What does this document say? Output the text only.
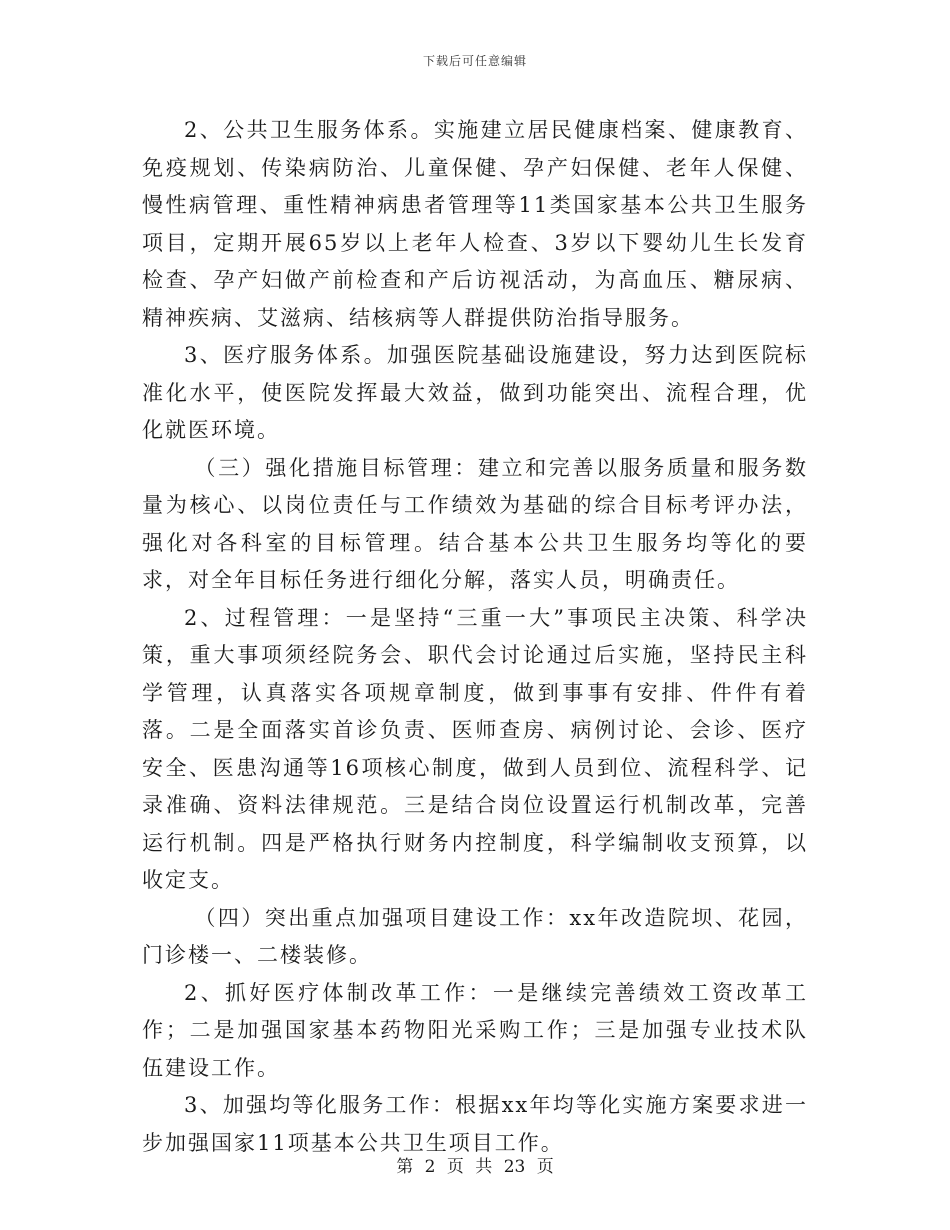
下载后可任意编辑

2、公共卫生服务体系。实施建立居民健康档案、健康教育、免疫规划、传染病防治、儿童保健、孕产妇保健、老年人保健、慢性病管理、重性精神病患者管理等11类国家基本公共卫生服务项目，定期开展65岁以上老年人检查、3岁以下婴幼儿生长发育检查、孕产妇做产前检查和产后访视活动，为高血压、糖尿病、精神疾病、艾滋病、结核病等人群提供防治指导服务。

3、医疗服务体系。加强医院基础设施建设，努力达到医院标准化水平，使医院发挥最大效益，做到功能突出、流程合理，优化就医环境。

（三）强化措施目标管理：建立和完善以服务质量和服务数量为核心、以岗位责任与工作绩效为基础的综合目标考评办法，强化对各科室的目标管理。结合基本公共卫生服务均等化的要求，对全年目标任务进行细化分解，落实人员，明确责任。

2、过程管理：一是坚持“三重一大”事项民主决策、科学决策，重大事项须经院务会、职代会讨论通过后实施，坚持民主科学管理，认真落实各项规章制度，做到事事有安排、件件有着落。二是全面落实首诊负责、医师查房、病例讨论、会诊、医疗安全、医患沟通等16项核心制度，做到人员到位、流程科学、记录准确、资料法律规范。三是结合岗位设置运行机制改革，完善运行机制。四是严格执行财务内控制度，科学编制收支预算，以收定支。

（四）突出重点加强项目建设工作：xx年改造院坝、花园，门诊楼一、二楼装修。

2、抓好医疗体制改革工作：一是继续完善绩效工资改革工作；二是加强国家基本药物阳光采购工作；三是加强专业技术队伍建设工作。

3、加强均等化服务工作：根据xx年均等化实施方案要求进一步加强国家11项基本公共卫生项目工作。

第 2 页 共 23 页
